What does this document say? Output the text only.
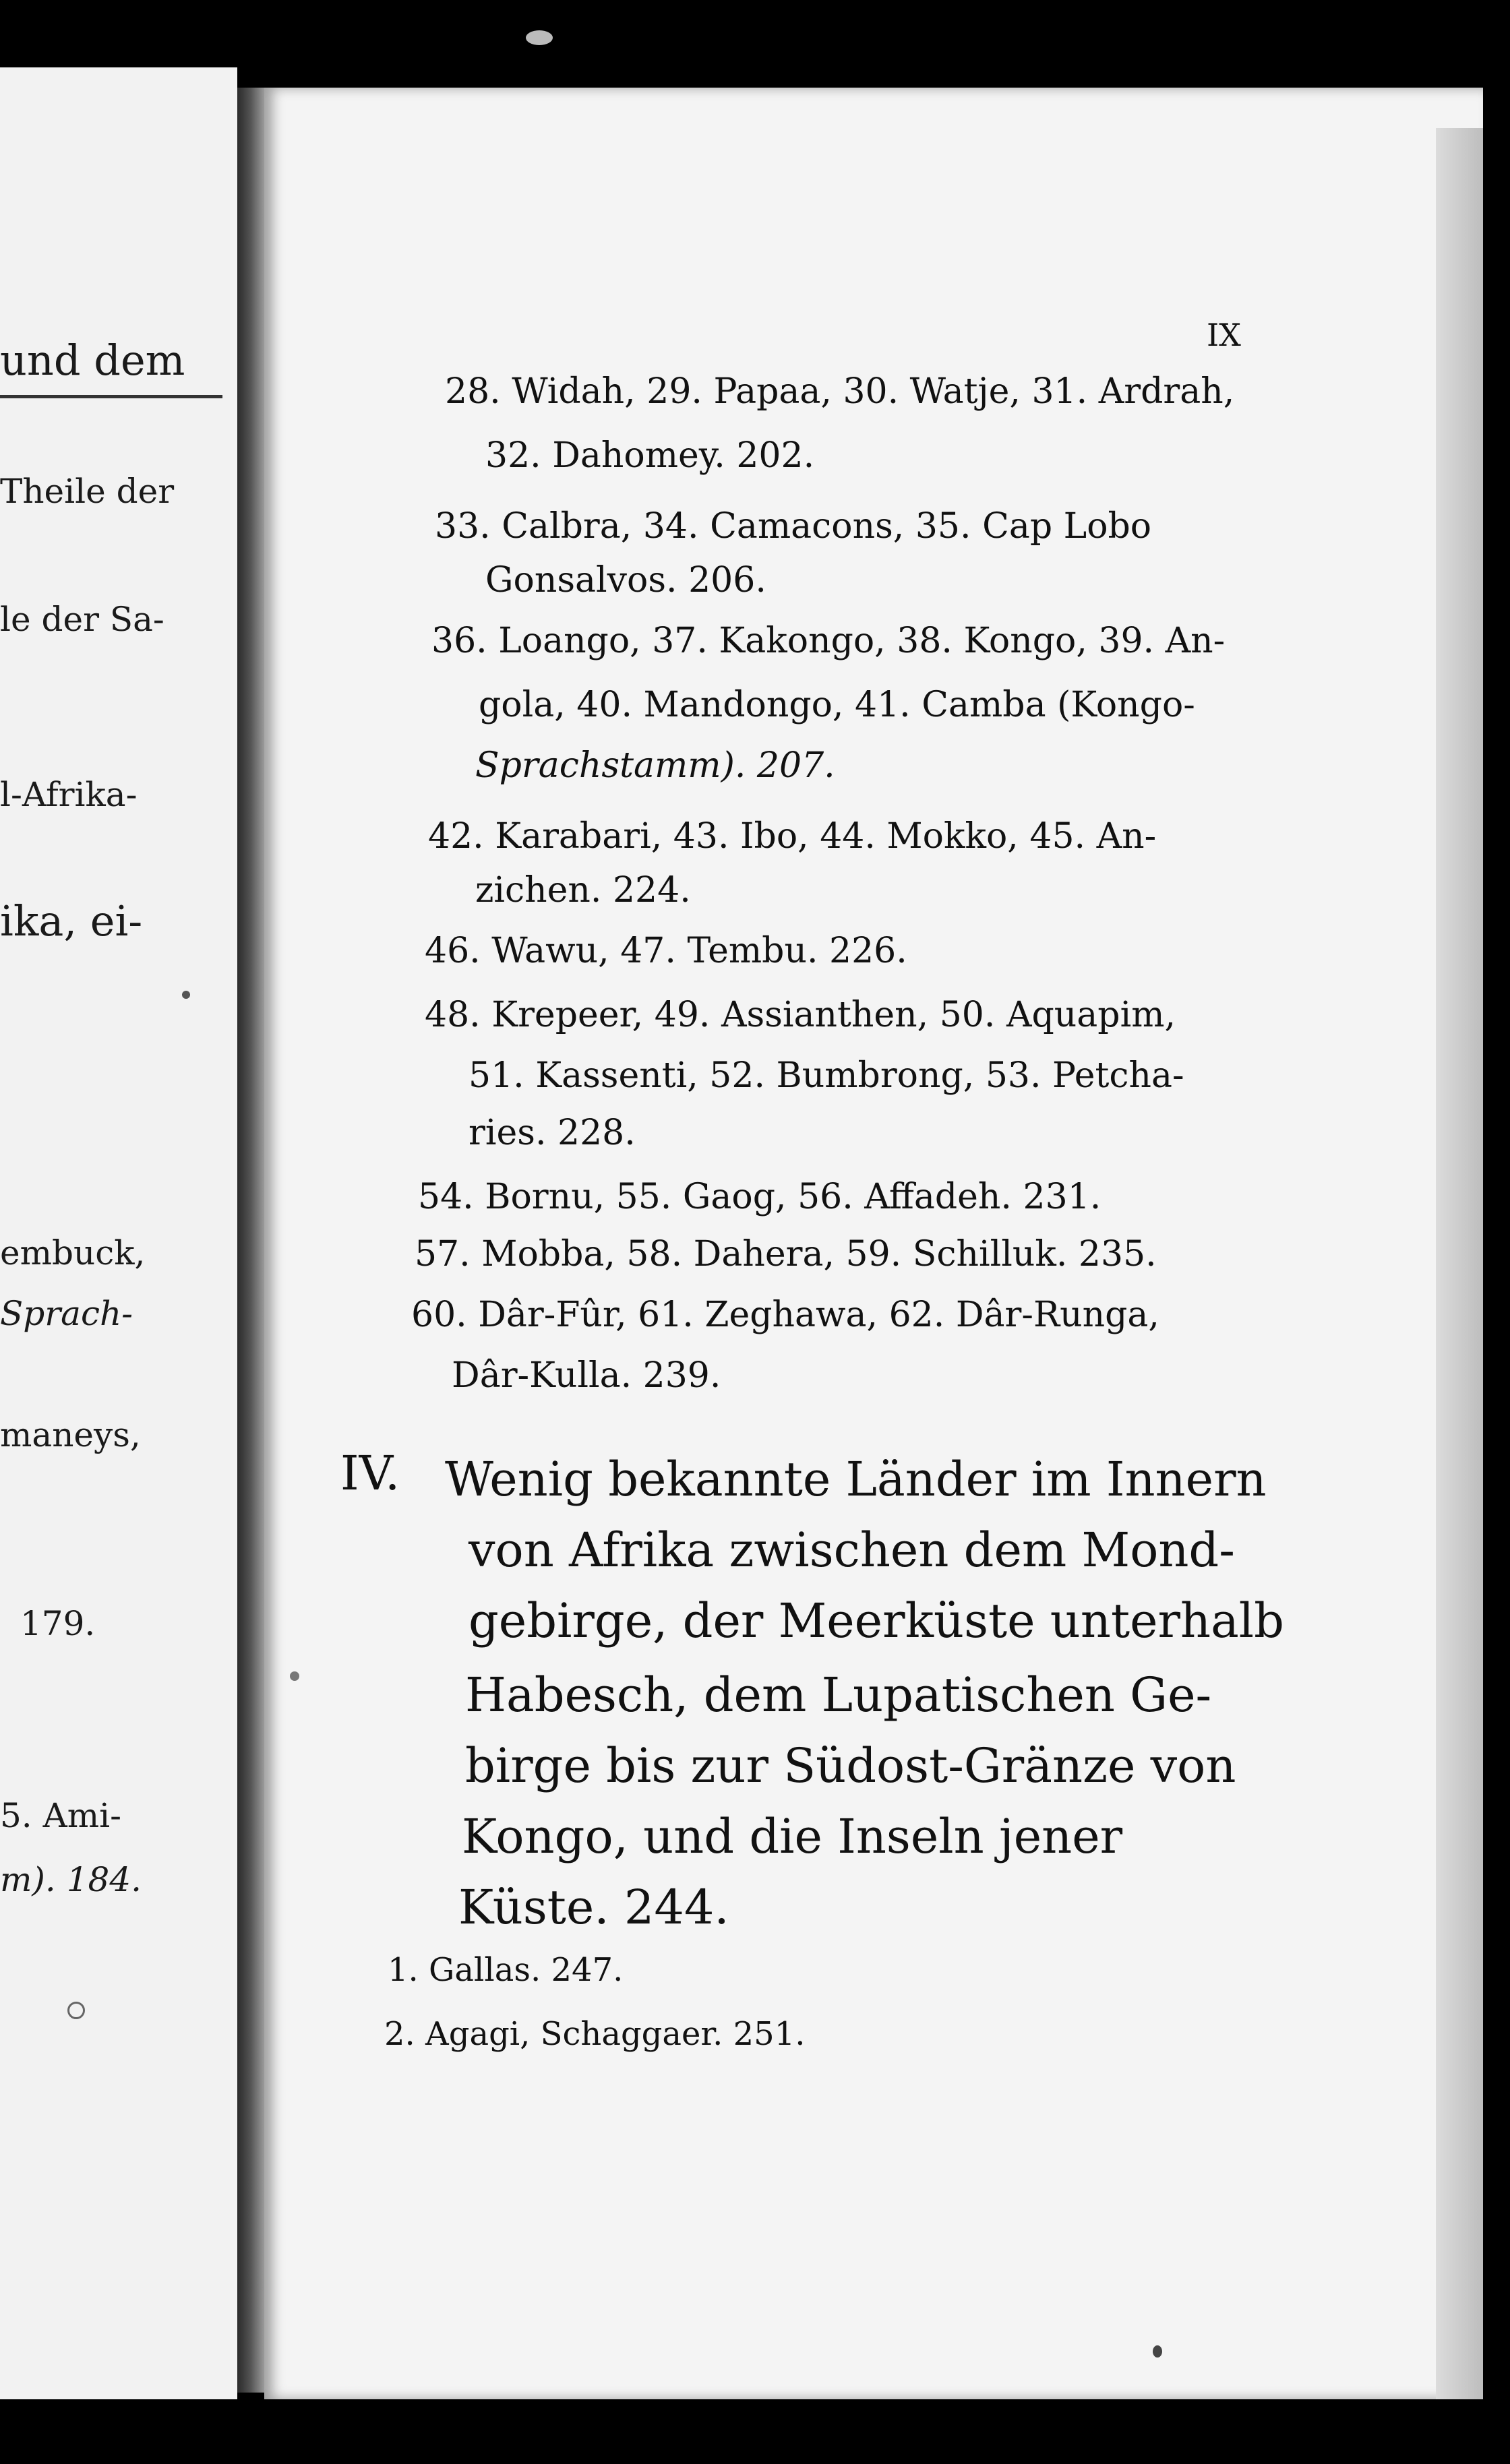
und dem
Theile der
le der Sa-
l-Afrika-
ika, ei-
embuck,
Sprach-
maneys,
179.
5. Ami-
m). 184.
IX
28. Widah, 29. Papaa, 30. Watje, 31. Ardrah,
32. Dahomey. 202.
33. Calbra, 34. Camacons, 35. Cap Lobo
Gonsalvos. 206.
36. Loango, 37. Kakongo, 38. Kongo, 39. An-
gola, 40. Mandongo, 41. Camba (Kongo-
Sprachstamm). 207.
42. Karabari, 43. Ibo, 44. Mokko, 45. An-
zichen. 224.
46. Wawu, 47. Tembu. 226.
48. Krepeer, 49. Assianthen, 50. Aquapim,
51. Kassenti, 52. Bumbrong, 53. Petcha-
ries. 228.
54. Bornu, 55. Gaog, 56. Affadeh. 231.
57. Mobba, 58. Dahera, 59. Schilluk. 235.
60. Dâr-Fûr, 61. Zeghawa, 62. Dâr-Runga,
Dâr-Kulla. 239.
IV. Wenig bekannte Länder im Innern
von Afrika zwischen dem Mond-
gebirge, der Meerküste unterhalb
Habesch, dem Lupatischen Ge-
birge bis zur Südost-Gränze von
Kongo, und die Inseln jener
Küste. 244.
1. Gallas. 247.
2. Agagi, Schaggaer. 251.
